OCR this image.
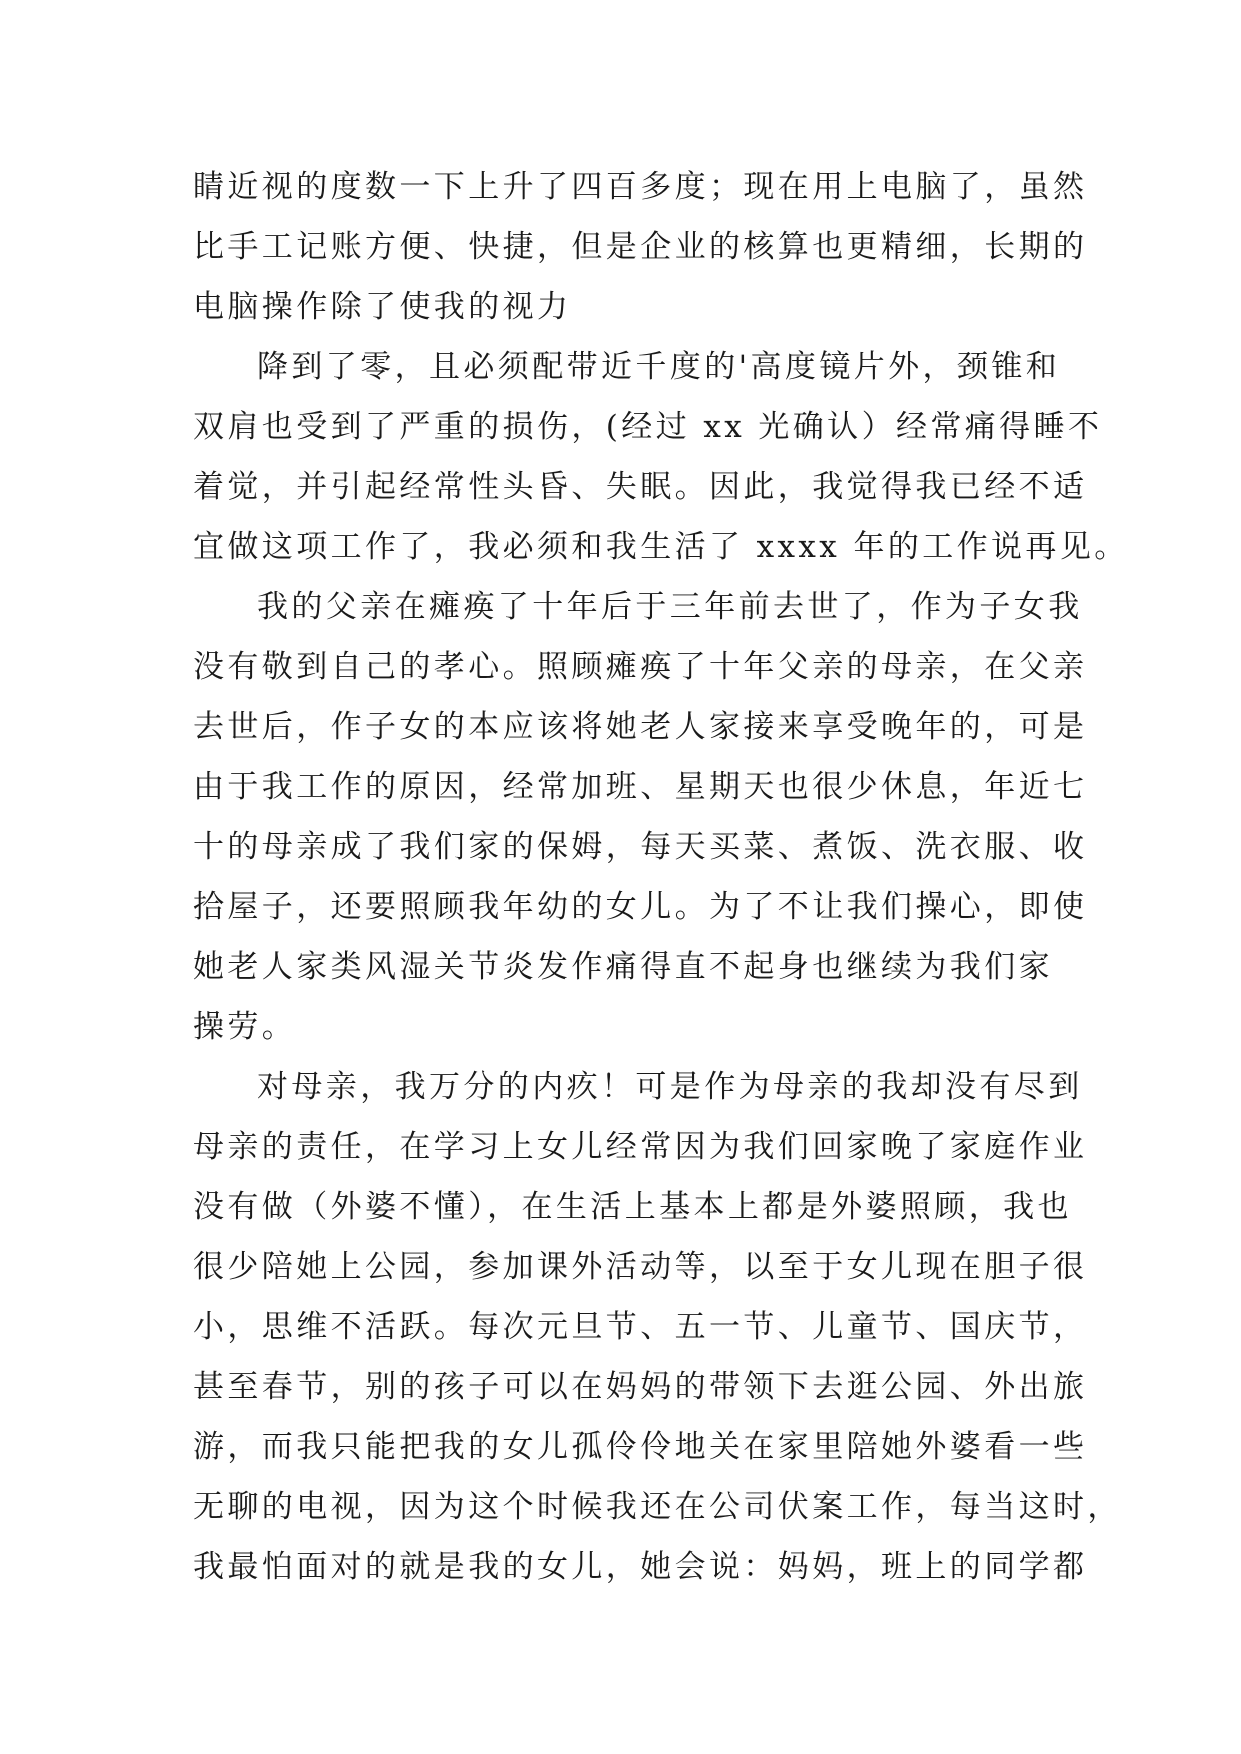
睛近视的度数一下上升了四百多度；现在用上电脑了，虽然
比手工记账方便、快捷，但是企业的核算也更精细，长期的
电脑操作除了使我的视力

降到了零，且必须配带近千度的'高度镜片外，颈锥和
双肩也受到了严重的损伤，(经过 xx 光确认）经常痛得睡不
着觉，并引起经常性头昏、失眠。因此，我觉得我已经不适
宜做这项工作了，我必须和我生活了 xxxx 年的工作说再见。

我的父亲在瘫痪了十年后于三年前去世了，作为子女我
没有敬到自己的孝心。照顾瘫痪了十年父亲的母亲，在父亲
去世后，作子女的本应该将她老人家接来享受晚年的，可是
由于我工作的原因，经常加班、星期天也很少休息，年近七
十的母亲成了我们家的保姆，每天买菜、煮饭、洗衣服、收
拾屋子，还要照顾我年幼的女儿。为了不让我们操心，即使
她老人家类风湿关节炎发作痛得直不起身也继续为我们家
操劳。

对母亲，我万分的内疚！可是作为母亲的我却没有尽到
母亲的责任，在学习上女儿经常因为我们回家晚了家庭作业
没有做（外婆不懂），在生活上基本上都是外婆照顾，我也
很少陪她上公园，参加课外活动等，以至于女儿现在胆子很
小，思维不活跃。每次元旦节、五一节、儿童节、国庆节，
甚至春节，别的孩子可以在妈妈的带领下去逛公园、外出旅
游，而我只能把我的女儿孤伶伶地关在家里陪她外婆看一些
无聊的电视，因为这个时候我还在公司伏案工作，每当这时，
我最怕面对的就是我的女儿，她会说：妈妈，班上的同学都
